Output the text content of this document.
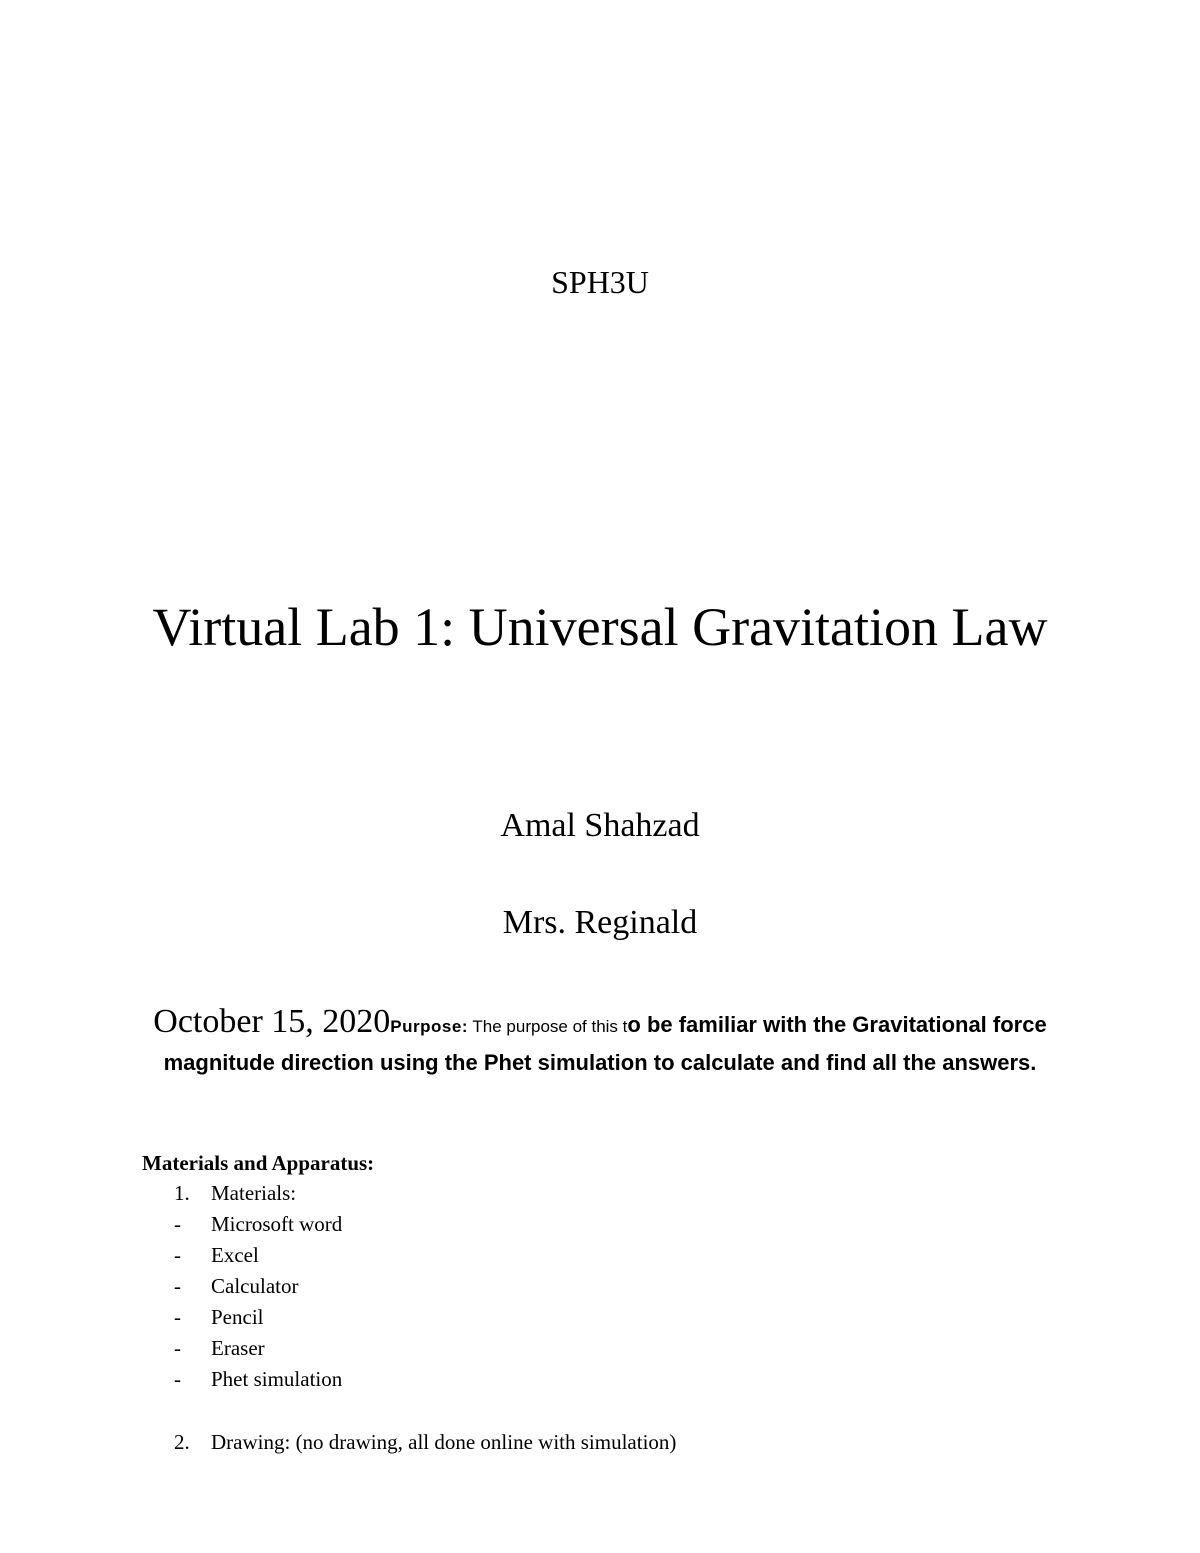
SPH3U
Virtual Lab 1: Universal Gravitation Law
Amal Shahzad
Mrs. Reginald
October 15, 2020Purpose: The purpose of this to be familiar with the Gravitational force magnitude direction using the Phet simulation to calculate and find all the answers.
Materials and Apparatus:
1.	Materials:
-	Microsoft word
-	Excel
-	Calculator
-	Pencil
-	Eraser
-	Phet simulation
2.	Drawing: (no drawing, all done online with simulation)
